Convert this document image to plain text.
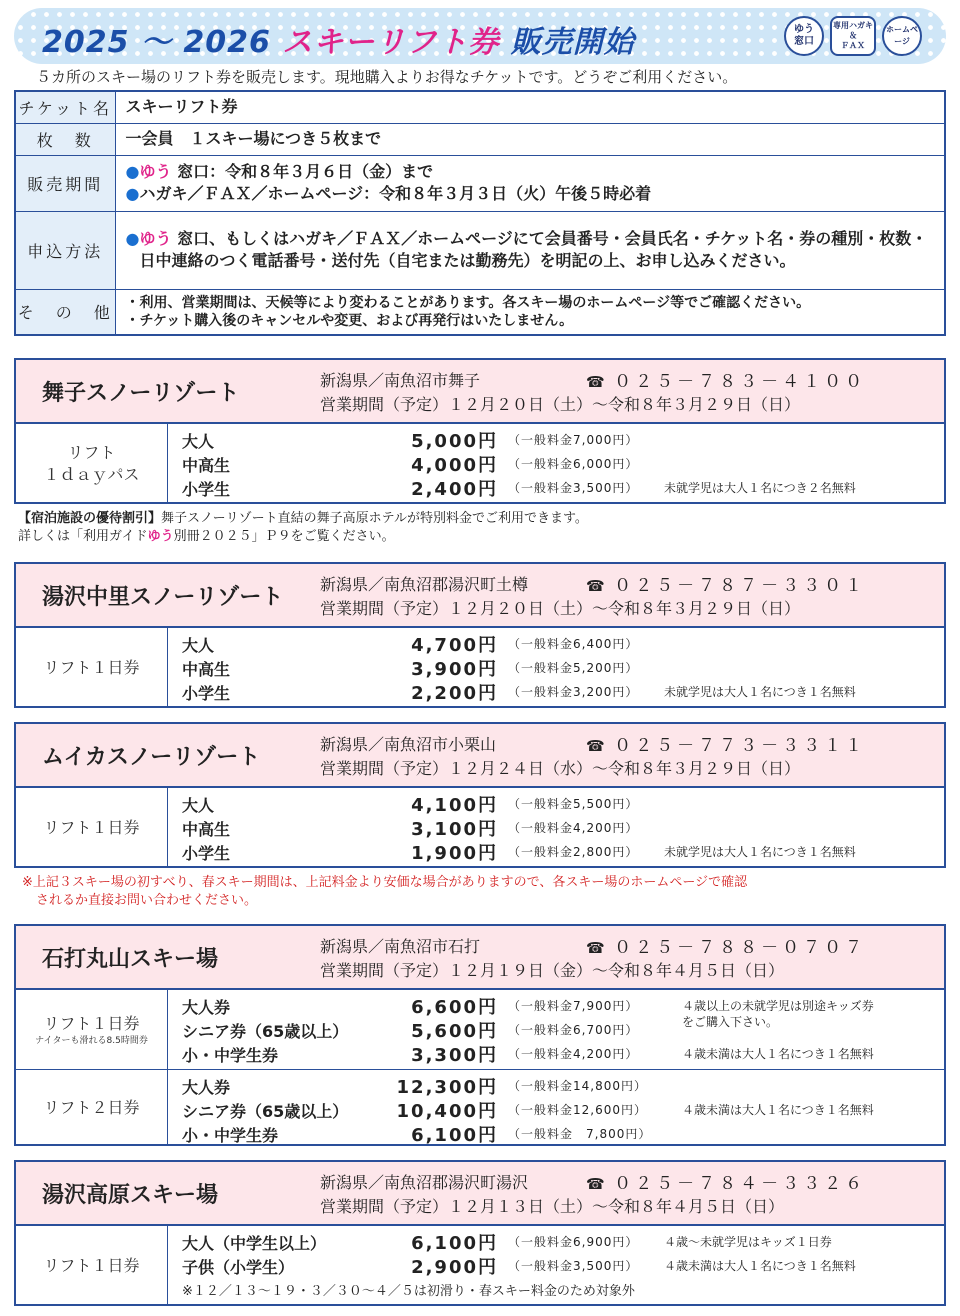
2025 ～ 2026 スキーリフト券 販売開始	ゆう
窓口
専用ハガキ
＆
ＦＡＸ
ホームページ
５カ所のスキー場のリフト券を販売します。現地購入よりお得なチケットです。どうぞご利用ください。
チケット名	スキーリフト券
枚　数	一会員　１スキー場につき５枚まで
販売期間	●ゆう 窓口：令和８年３月６日（金）まで
●ハガキ／ＦＡＸ／ホームページ：令和８年３月３日（火）午後５時必着

申込方法	●ゆう 窓口、もしくはハガキ／ＦＡＸ／ホームページにて会員番号・会員氏名・チケット名・券の種別・枚数・日中連絡のつく電話番号・送付先（自宅または勤務先）を明記の上、お申し込みください。

そ　の　他	・利用、営業期間は、天候等により変わることがあります。各スキー場のホームページ等でご確認ください。
・チケット購入後のキャンセルや変更、および再発行はいたしません。
舞子スノーリゾート
新潟県／南魚沼市舞子	☎ ０２５－７８３－４１００
営業期間（予定）１２月２０日（土）～令和８年３月２９日（日）
リフト
１ｄａｙパス
大人	5,000円 （一般料金7,000円）
中高生	4,000円 （一般料金6,000円）
小学生	2,400円 （一般料金3,500円） 未就学児は大人１名につき２名無料
【宿泊施設の優待割引】舞子スノーリゾート直結の舞子高原ホテルが特別料金でご利用できます。
詳しくは「利用ガイドゆう別冊２０２５」Ｐ９をご覧ください。
湯沢中里スノーリゾート
新潟県／南魚沼郡湯沢町土樽	☎ ０２５－７８７－３３０１
営業期間（予定）１２月２０日（土）～令和８年３月２９日（日）
リフト１日券
大人	4,700円 （一般料金6,400円）
中高生	3,900円 （一般料金5,200円）
小学生	2,200円 （一般料金3,200円） 未就学児は大人１名につき１名無料
ムイカスノーリゾート
新潟県／南魚沼市小栗山	☎ ０２５－７７３－３３１１
営業期間（予定）１２月２４日（水）～令和８年３月２９日（日）
リフト１日券
大人	4,100円 （一般料金5,500円）
中高生	3,100円 （一般料金4,200円）
小学生	1,900円 （一般料金2,800円） 未就学児は大人１名につき１名無料
※上記３スキー場の初すべり、春スキー期間は、上記料金より安価な場合がありますので、各スキー場のホームページで確認
されるか直接お問い合わせください。
石打丸山スキー場
新潟県／南魚沼市石打	☎ ０２５－７８８－０７０７
営業期間（予定）１２月１９日（金）～令和８年４月５日（日）
リフト１日券
ナイターも滑れる8.5時間券
大人券	6,600円 （一般料金7,900円）	４歳以上の未就学児は別途キッズ券
シニア券（65歳以上）	5,600円 （一般料金6,700円）
をご購入下さい。
小・中学生券	3,300円 （一般料金4,200円）	４歳未満は大人１名につき１名無料
リフト２日券
大人券	12,300円 （一般料金14,800円）
シニア券（65歳以上）	10,400円 （一般料金12,600円）	４歳未満は大人１名につき１名無料
小・中学生券	6,100円 （一般料金　7,800円）
湯沢高原スキー場
新潟県／南魚沼郡湯沢町湯沢	☎ ０２５－７８４－３３２６
営業期間（予定）１２月１３日（土）～令和８年４月５日（日）
リフト１日券
大人（中学生以上）	6,100円 （一般料金6,900円） ４歳～未就学児はキッズ１日券
子供（小学生）	2,900円 （一般料金3,500円） ４歳未満は大人１名につき１名無料
※１２／１３～１９・３／３０～４／５は初滑り・春スキー料金のため対象外
